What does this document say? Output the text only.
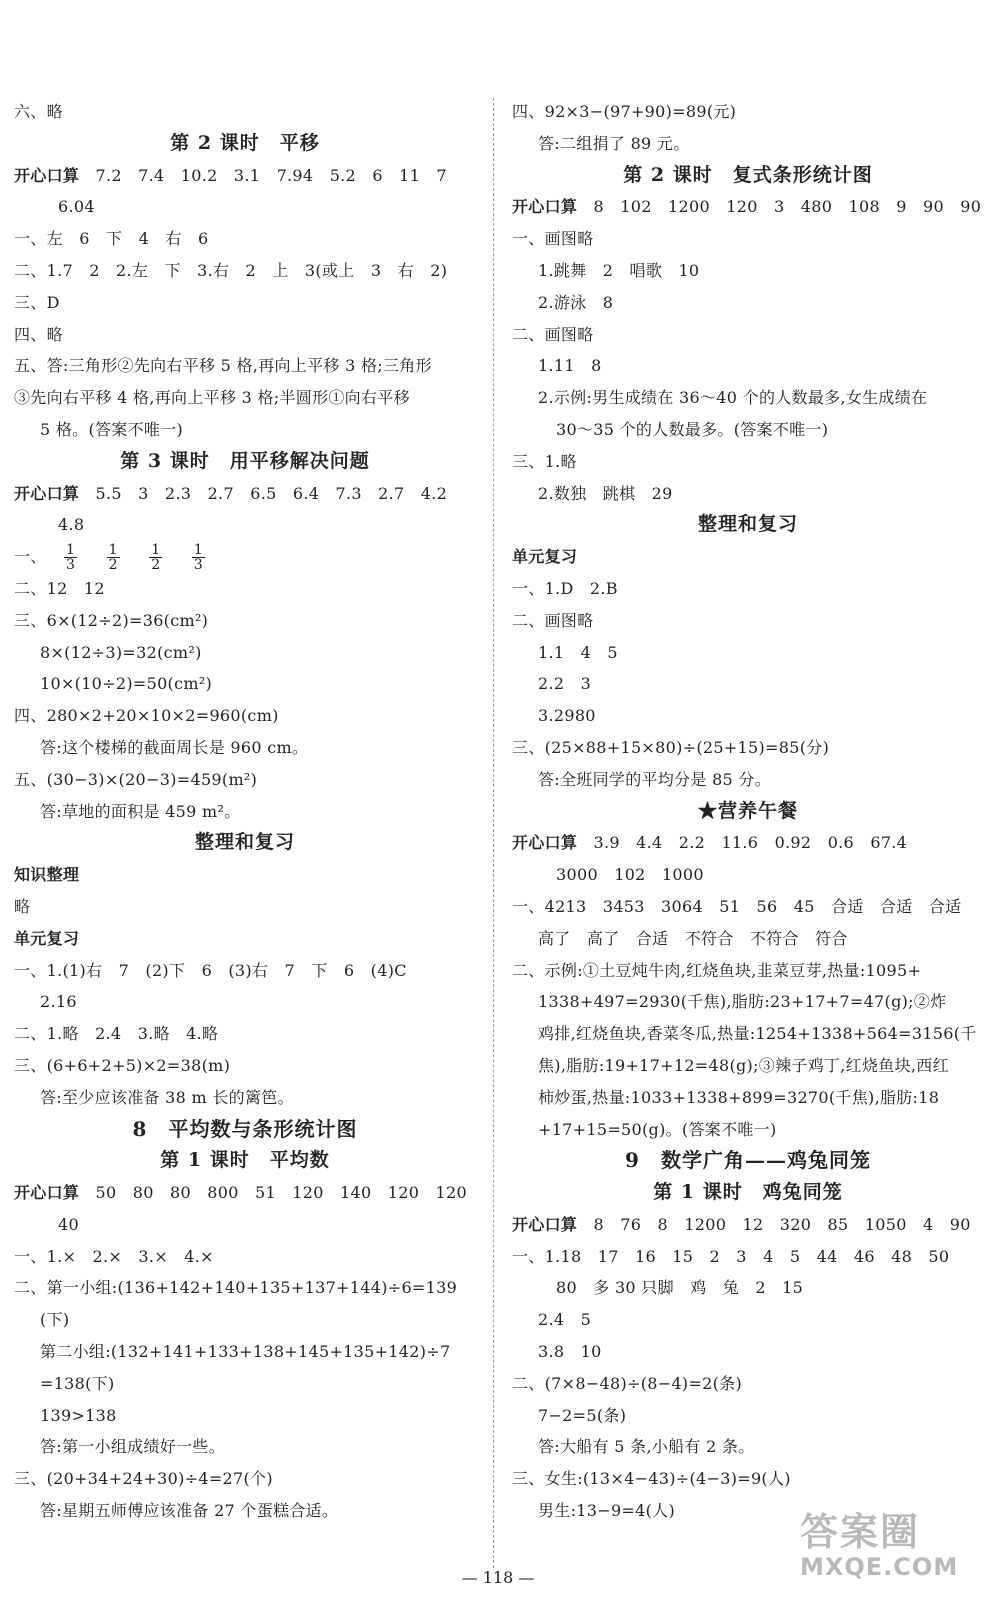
六、略
第 2 课时　平移
开心口算　7.2　7.4　10.2　3.1　7.94　5.2　6　11　7
6.04
一、左　6　下　4　右　6
二、1.7　2　2.左　下　3.右　2　上　3(或上　3　右　2)
三、D
四、略
五、答:三角形②先向右平移 5 格,再向上平移 3 格;三角形
③先向右平移 4 格,再向上平移 3 格;半圆形①向右平移
5 格。(答案不唯一)
第 3 课时　用平移解决问题
开心口算　5.5　3　2.3　2.7　6.5　6.4　7.3　2.7　4.2
4.8
一、 $\frac{1}{3}$
$\frac{1}{2}$
$\frac{1}{2}$
$\frac{1}{3}$
二、12　12
三、6×(12÷2)=36(cm²)
8×(12÷3)=32(cm²)
10×(10÷2)=50(cm²)
四、280×2+20×10×2=960(cm)
答:这个楼梯的截面周长是 960 cm。
五、(30−3)×(20−3)=459(m²)
答:草地的面积是 459 m²。
整理和复习
知识整理
略
单元复习
一、1.(1)右　7　(2)下　6　(3)右　7　下　6　(4)C
2.16
二、1.略　2.4　3.略　4.略
三、(6+6+2+5)×2=38(m)
答:至少应该准备 38 m 长的篱笆。
8　平均数与条形统计图
第 1 课时　平均数
开心口算　50　80　80　800　51　120　140　120　120
40
一、1.×　2.×　3.×　4.×
二、第一小组:(136+142+140+135+137+144)÷6=139
(下)
第二小组:(132+141+133+138+145+135+142)÷7
=138(下)
139>138
答:第一小组成绩好一些。
三、(20+34+24+30)÷4=27(个)
答:星期五师傅应该准备 27 个蛋糕合适。
四、92×3−(97+90)=89(元)
答:二组捐了 89 元。
第 2 课时　复式条形统计图
开心口算　8　102　1200　120　3　480　108　9　90　90
一、画图略
1.跳舞　2　唱歌　10
2.游泳　8
二、画图略
1.11　8
2.示例:男生成绩在 36～40 个的人数最多,女生成绩在
30～35 个的人数最多。(答案不唯一)
三、1.略
2.数独　跳棋　29
整理和复习
单元复习
一、1.D　2.B
二、画图略
1.1　4　5
2.2　3
3.2980
三、(25×88+15×80)÷(25+15)=85(分)
答:全班同学的平均分是 85 分。
★营养午餐
开心口算　3.9　4.4　2.2　11.6　0.92　0.6　67.4
3000　102　1000
一、4213　3453　3064　51　56　45　合适　合适　合适
高了　高了　合适　不符合　不符合　符合
二、示例:①土豆炖牛肉,红烧鱼块,韭菜豆芽,热量:1095+
1338+497=2930(千焦),脂肪:23+17+7=47(g);②炸
鸡排,红烧鱼块,香菜冬瓜,热量:1254+1338+564=3156(千
焦),脂肪:19+17+12=48(g);③辣子鸡丁,红烧鱼块,西红
柿炒蛋,热量:1033+1338+899=3270(千焦),脂肪:18
+17+15=50(g)。(答案不唯一)
9　数学广角——鸡兔同笼
第 1 课时　鸡兔同笼
开心口算　8　76　8　1200　12　320　85　1050　4　90
一、1.18　17　16　15　2　3　4　5　44　46　48　50
80　多 30 只脚　鸡　兔　2　15
2.4　5
3.8　10
二、(7×8−48)÷(8−4)=2(条)
7−2=5(条)
答:大船有 5 条,小船有 2 条。
三、女生:(13×4−43)÷(4−3)=9(人)
男生:13−9=4(人)
— 118 —
答案圈
MXQE.COM
